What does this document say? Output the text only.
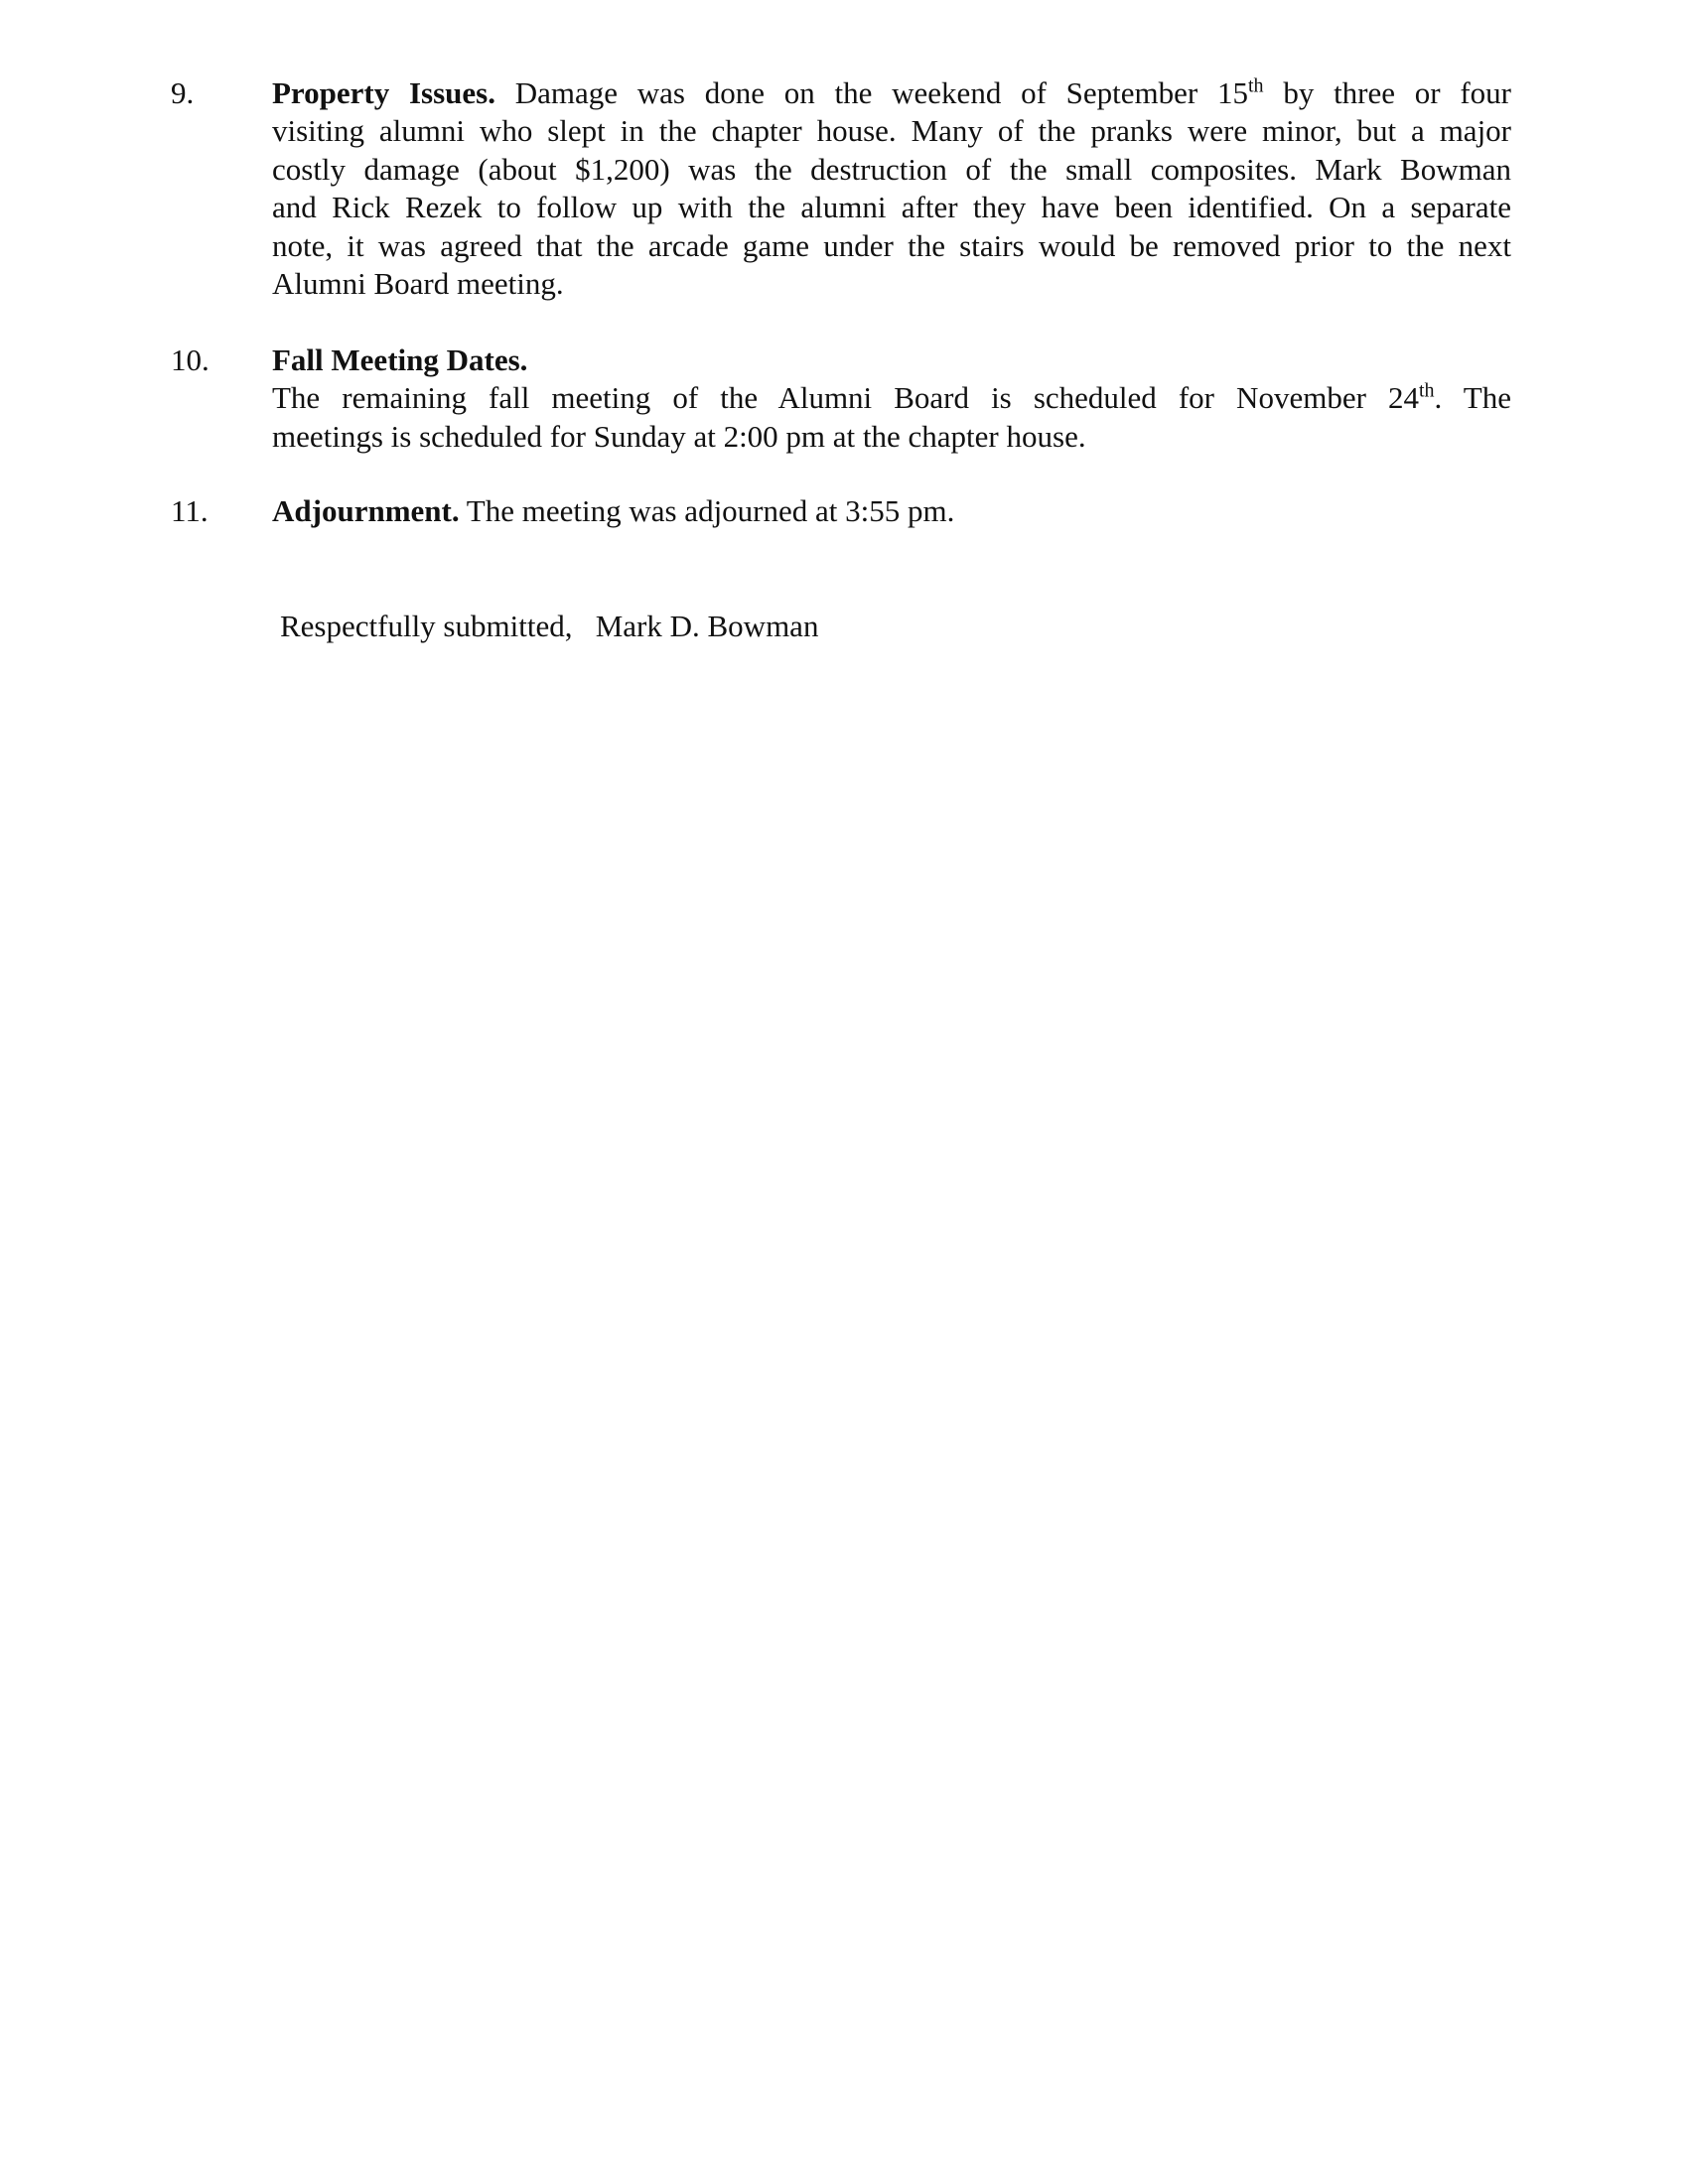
9.	Property Issues. Damage was done on the weekend of September 15th by three or four
visiting alumni who slept in the chapter house. Many of the pranks were minor, but a major
costly damage (about $1,200) was the destruction of the small composites. Mark Bowman
and Rick Rezek to follow up with the alumni after they have been identified. On a separate
note, it was agreed that the arcade game under the stairs would be removed prior to the next
Alumni Board meeting.
10. Fall Meeting Dates.
The remaining fall meeting of the Alumni Board is scheduled for November 24th. The
meetings is scheduled for Sunday at 2:00 pm at the chapter house.
11. Adjournment. The meeting was adjourned at 3:55 pm.
Respectfully submitted, Mark D. Bowman
